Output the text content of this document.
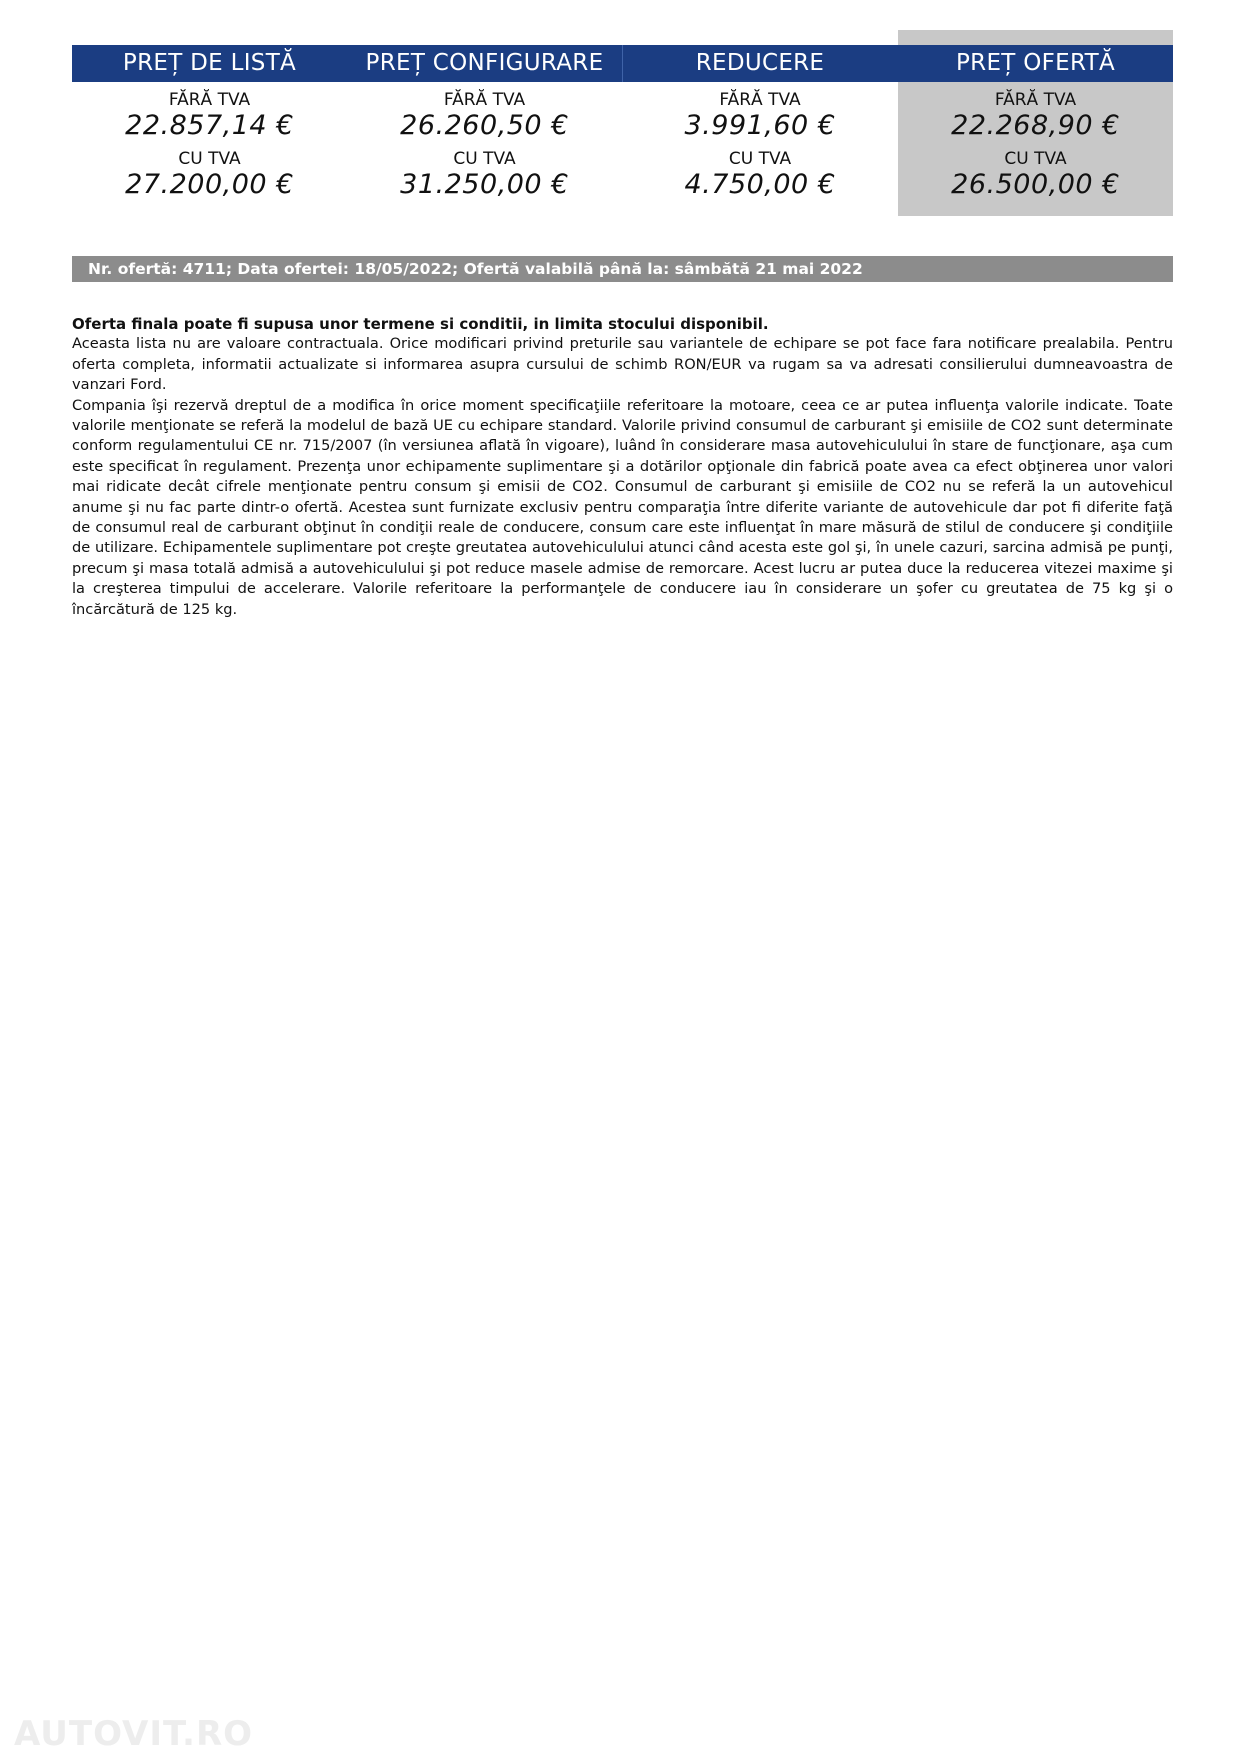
PREȚ DE LISTĂ
FĂRĂ TVA
22.857,14 €
CU TVA
27.200,00 €
PREȚ CONFIGURARE
FĂRĂ TVA
26.260,50 €
CU TVA
31.250,00 €
REDUCERE
FĂRĂ TVA
3.991,60 €
CU TVA
4.750,00 €
PREȚ OFERTĂ
FĂRĂ TVA
22.268,90 €
CU TVA
26.500,00 €
Nr. ofertă: 4711; Data ofertei: 18/05/2022; Ofertă valabilă până la: sâmbătă 21 mai 2022

Oferta finala poate fi supusa unor termene si conditii, in limita stocului disponibil.

Aceasta lista nu are valoare contractuala. Orice modificari privind preturile sau variantele de echipare se pot face fara notificare prealabila. Pentru oferta completa, informatii actualizate si informarea asupra cursului de schimb RON/EUR va rugam sa va adresati consilierului dumneavoastra de vanzari Ford.

Compania îşi rezervă dreptul de a modifica în orice moment specificaţiile referitoare la motoare, ceea ce ar putea influenţa valorile indicate. Toate valorile menţionate se referă la modelul de bază UE cu echipare standard. Valorile privind consumul de carburant şi emisiile de CO2 sunt determinate conform regulamentului CE nr. 715/2007 (în versiunea aflată în vigoare), luând în considerare masa autovehiculului în stare de funcţionare, aşa cum este specificat în regulament. Prezenţa unor echipamente suplimentare şi a dotărilor opţionale din fabrică poate avea ca efect obţinerea unor valori mai ridicate decât cifrele menţionate pentru consum şi emisii de CO2. Consumul de carburant şi emisiile de CO2 nu se referă la un autovehicul anume şi nu fac parte dintr-o ofertă. Acestea sunt furnizate exclusiv pentru comparaţia între diferite variante de autovehicule dar pot fi diferite faţă de consumul real de carburant obţinut în condiţii reale de conducere, consum care este influenţat în mare măsură de stilul de conducere şi condiţiile de utilizare. Echipamentele suplimentare pot creşte greutatea autovehiculului atunci când acesta este gol şi, în unele cazuri, sarcina admisă pe punţi, precum şi masa totală admisă a autovehiculului şi pot reduce masele admise de remorcare. Acest lucru ar putea duce la reducerea vitezei maxime şi la creşterea timpului de accelerare. Valorile referitoare la performanţele de conducere iau în considerare un şofer cu greutatea de 75 kg şi o încărcătură de 125 kg.

AUTOVIT.RO
